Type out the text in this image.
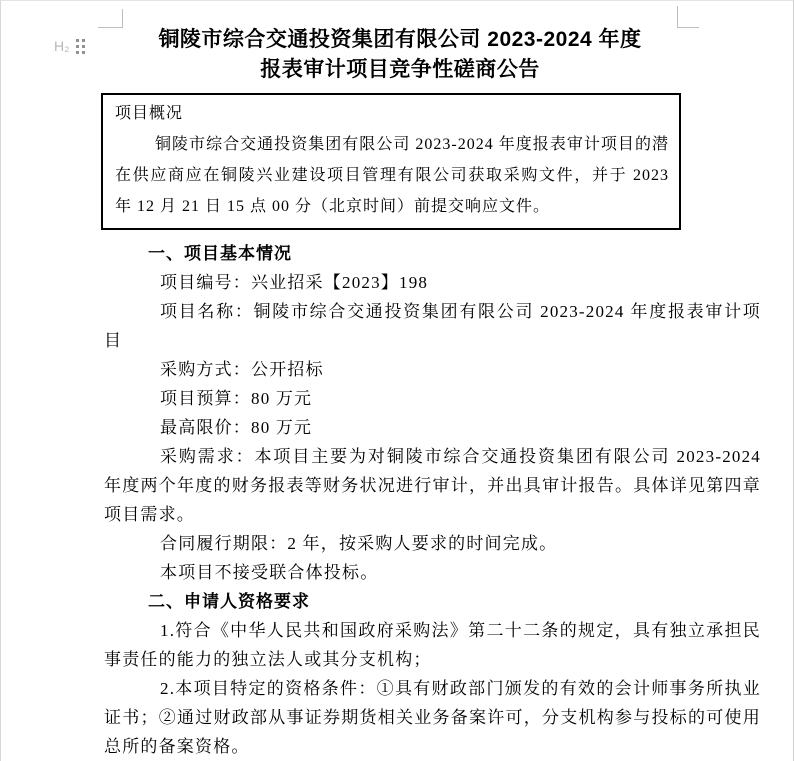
H₂	铜陵市综合交通投资集团有限公司 2023-2024 年度
报表审计项目竞争性磋商公告
项目概况

铜陵市综合交通投资集团有限公司 2023-2024 年度报表审计项目的潜在供应商应在铜陵兴业建设项目管理有限公司获取采购文件，并于 2023 年 12 月 21 日 15 点 00 分（北京时间）前提交响应文件。

一、项目基本情况

项目编号：兴业招采【2023】198

项目名称：铜陵市综合交通投资集团有限公司 2023-2024 年度报表审计项目

采购方式：公开招标

项目预算：80 万元

最高限价：80 万元

采购需求：本项目主要为对铜陵市综合交通投资集团有限公司 2023-2024 年度两个年度的财务报表等财务状况进行审计，并出具审计报告。具体详见第四章项目需求。

合同履行期限：2 年，按采购人要求的时间完成。

本项目不接受联合体投标。

二、申请人资格要求

1.符合《中华人民共和国政府采购法》第二十二条的规定，具有独立承担民事责任的能力的独立法人或其分支机构；

2.本项目特定的资格条件：①具有财政部门颁发的有效的会计师事务所执业证书；②通过财政部从事证券期货相关业务备案许可，分支机构参与投标的可使用总所的备案资格。
